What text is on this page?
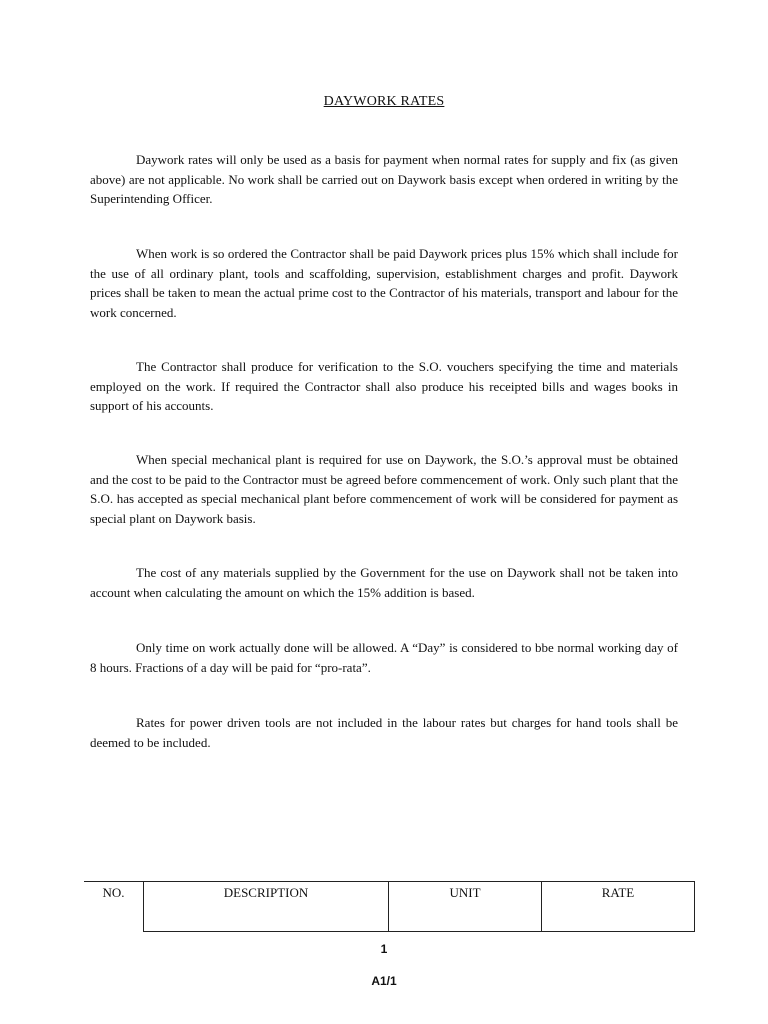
DAYWORK RATES

Daywork rates will only be used as a basis for payment when normal rates for supply and fix (as given above) are not applicable. No work shall be carried out on Daywork basis except when ordered in writing by the Superintending Officer.

When work is so ordered the Contractor shall be paid Daywork prices plus 15% which shall include for the use of all ordinary plant, tools and scaffolding, supervision, establishment charges and profit. Daywork prices shall be taken to mean the actual prime cost to the Contractor of his materials, transport and labour for the work concerned.

The Contractor shall produce for verification to the S.O. vouchers specifying the time and materials employed on the work. If required the Contractor shall also produce his receipted bills and wages books in support of his accounts.

When special mechanical plant is required for use on Daywork, the S.O.’s approval must be obtained and the cost to be paid to the Contractor must be agreed before commencement of work. Only such plant that the S.O. has accepted as special mechanical plant before commencement of work will be considered for payment as special plant on Daywork basis.

The cost of any materials supplied by the Government for the use on Daywork shall not be taken into account when calculating the amount on which the 15% addition is based.

Only time on work actually done will be allowed. A “Day” is considered to bbe normal working day of 8 hours. Fractions of a day will be paid for “pro-rata”.

Rates for power driven tools are not included in the labour rates but charges for hand tools shall be deemed to be included.

NO.	DESCRIPTION	UNIT	RATE
1
A1/1
